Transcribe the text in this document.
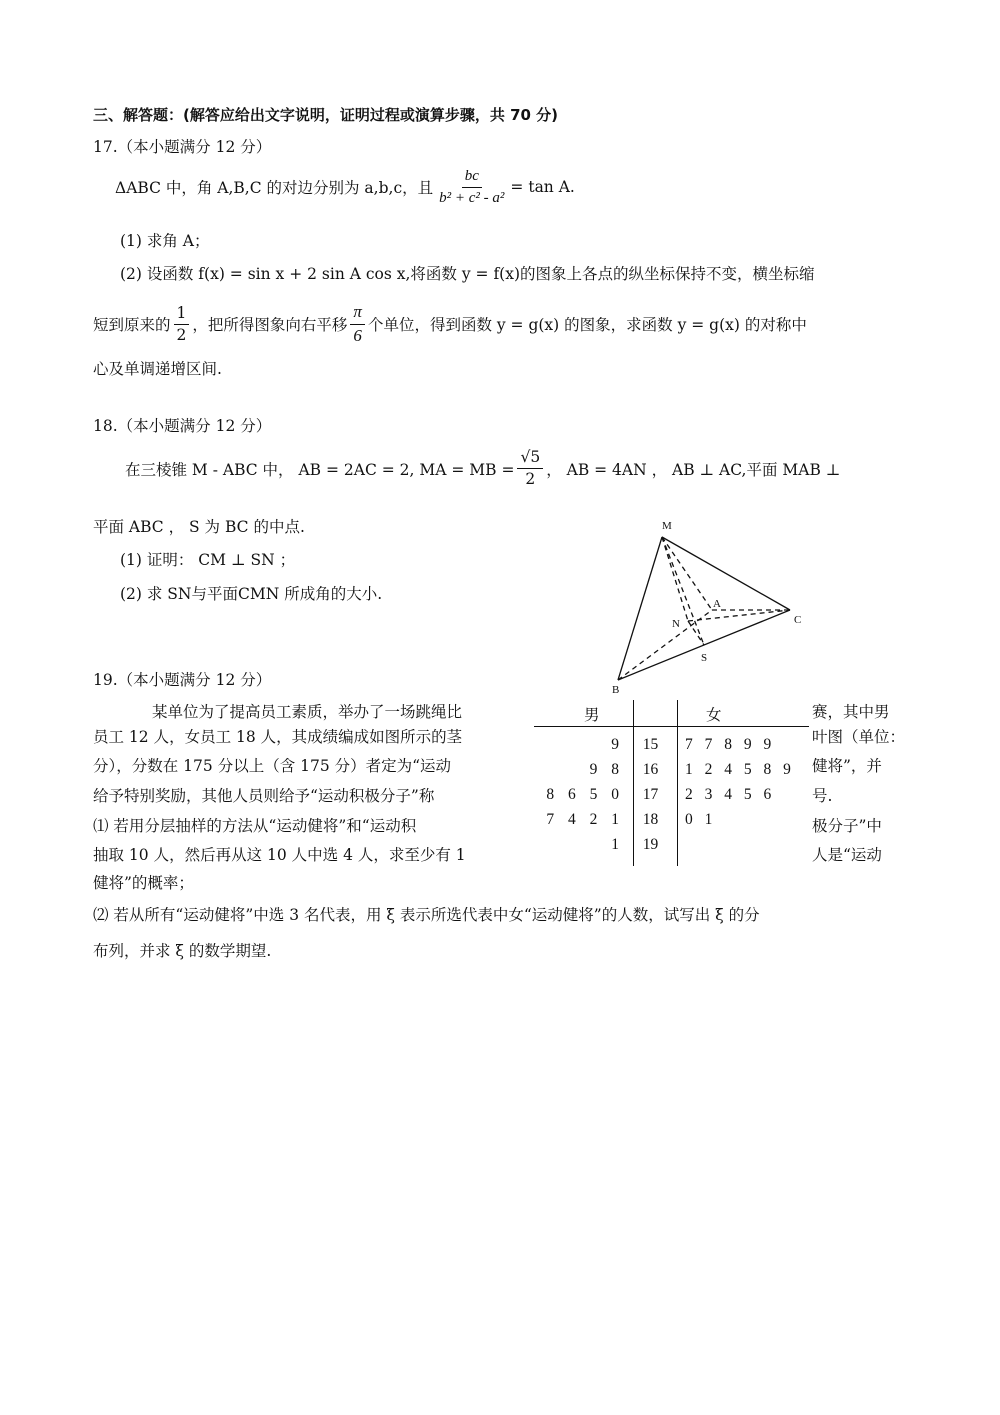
三、解答题：(解答应给出文字说明，证明过程或演算步骤，共 70 分)
17.（本小题满分 12 分）
ΔABC 中，角 A,B,C 的对边分别为 a,b,c，且 $\frac{bc}{\text{b² + c² - a²}} = \tan A$.
(1) 求角 A；
(2) 设函数 f(x) = sin x + 2 sin A cos x,将函数 y = f(x)的图象上各点的纵坐标保持不变，横坐标缩
短到原来的 $\frac{1}{2}$ ，把所得图象向右平移 $\frac{\pi}{6}$ 个单位，得到函数 y = g(x) 的图象，求函数 y = g(x) 的对称中
心及单调递增区间.
18.（本小题满分 12 分）
在三棱锥 M - ABC 中， AB = 2AC = 2, MA = MB = $\frac{√5}{2}$ ， AB = 4AN ， AB ⊥ AC,平面 MAB ⊥
平面 ABC ， S 为 BC 的中点.
(1) 证明： CM ⊥ SN ；
(2) 求 SN与平面CMN 所成角的大小.
M
A
N	C
S
B
19.（本小题满分 12 分）
某单位为了提高员工素质，举办了一场跳绳比
员工 12 人，女员工 18 人，其成绩编成如图所示的茎
分），分数在 175 分以上（含 175 分）者定为“运动
给予特别奖励，其他人员则给予“运动积极分子”称
⑴ 若用分层抽样的方法从“运动健将”和“运动积
抽取 10 人，然后再从这 10 人中选 4 人，求至少有 1
健将”的概率；
赛，其中男
叶图（单位：
健将”，并
号.
极分子”中
人是“运动
男	女
9	15	7 7 8 9 9
9 8	16	1 2 4 5 8 9
8 6 5 0	17	2 3 4 5 6
7 4 2 1	18	0 1
1	19
⑵ 若从所有“运动健将”中选 3 名代表，用 ξ 表示所选代表中女“运动健将”的人数，试写出 ξ 的分
布列，并求 ξ 的数学期望.
